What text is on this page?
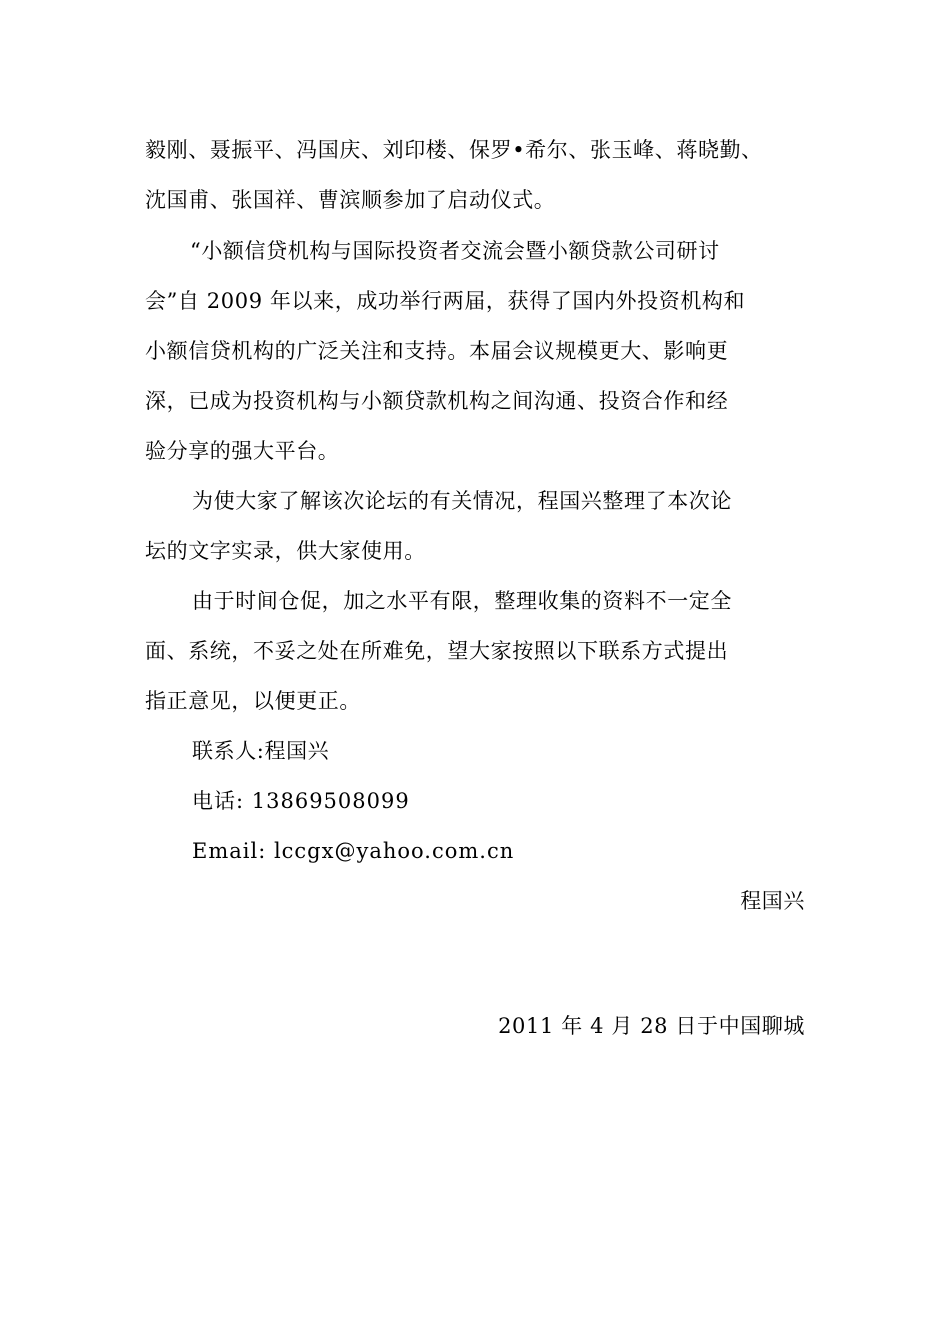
毅刚、聂振平、冯国庆、刘印楼、保罗•希尔、张玉峰、蒋晓勤、
沈国甫、张国祥、曹滨顺参加了启动仪式。
“小额信贷机构与国际投资者交流会暨小额贷款公司研讨
会”自 2009 年以来，成功举行两届，获得了国内外投资机构和
小额信贷机构的广泛关注和支持。本届会议规模更大、影响更
深，已成为投资机构与小额贷款机构之间沟通、投资合作和经
验分享的强大平台。
为使大家了解该次论坛的有关情况，程国兴整理了本次论
坛的文字实录，供大家使用。
由于时间仓促，加之水平有限，整理收集的资料不一定全
面、系统，不妥之处在所难免，望大家按照以下联系方式提出
指正意见，以便更正。
联系人:程国兴
电话: 13869508099
Email: lccgx@yahoo.com.cn
程国兴
2011 年 4 月 28 日于中国聊城
